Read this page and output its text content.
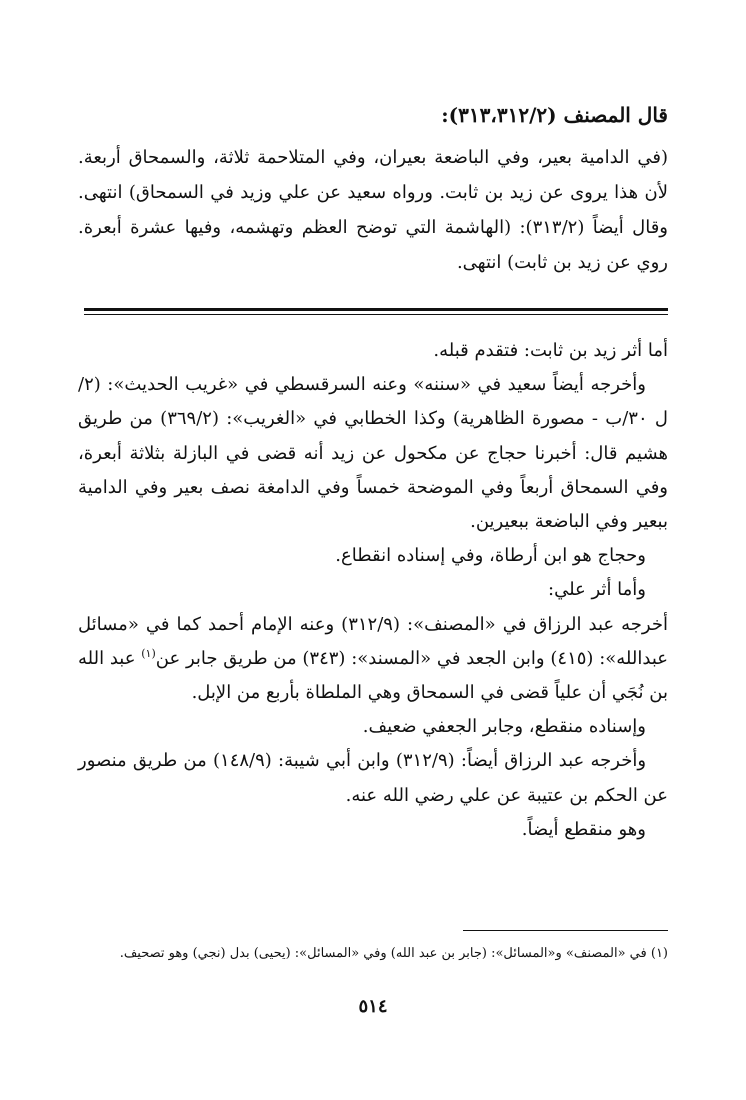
قال المصنف (٣١٣،٣١٢/٢):

(في الدامية بعير، وفي الباضعة بعيران، وفي المتلاحمة ثلاثة، والسمحاق أربعة. لأن هذا يروى عن زيد بن ثابت. ورواه سعيد عن علي وزيد في السمحاق) انتهى. وقال أيضاً (٣١٣/٢): (الهاشمة التي توضح العظم وتهشمه، وفيها عشرة أبعرة. روي عن زيد بن ثابت) انتهى.

أما أثر زيد بن ثابت: فتقدم قبله.

وأخرجه أيضاً سعيد في «سننه» وعنه السرقسطي في «غريب الحديث»: (٢/ل ٣٠/ب - مصورة الظاهرية) وكذا الخطابي في «الغريب»: (٣٦٩/٢) من طريق هشيم قال: أخبرنا حجاج عن مكحول عن زيد أنه قضى في البازلة بثلاثة أبعرة، وفي السمحاق أربعاً وفي الموضحة خمساً وفي الدامغة نصف بعير وفي الدامية ببعير وفي الباضعة ببعيرين.

وحجاج هو ابن أرطاة، وفي إسناده انقطاع.

وأما أثر علي:

أخرجه عبد الرزاق في «المصنف»: (٣١٢/٩) وعنه الإمام أحمد كما في «مسائل عبدالله»: (٤١٥) وابن الجعد في «المسند»: (٣٤٣) من طريق جابر عن$^{(١)}$ عبد الله بن نُجَي أن علياً قضى في السمحاق وهي الملطاة بأربع من الإبل.

وإسناده منقطع، وجابر الجعفي ضعيف.

وأخرجه عبد الرزاق أيضاً: (٣١٢/٩) وابن أبي شيبة: (١٤٨/٩) من طريق منصور عن الحكم بن عتيبة عن علي رضي الله عنه.

وهو منقطع أيضاً.

(١) في «المصنف» و«المسائل»: (جابر بن عبد الله) وفي «المسائل»: (يحيى) بدل (نجي) وهو تصحيف.

٥١٤
